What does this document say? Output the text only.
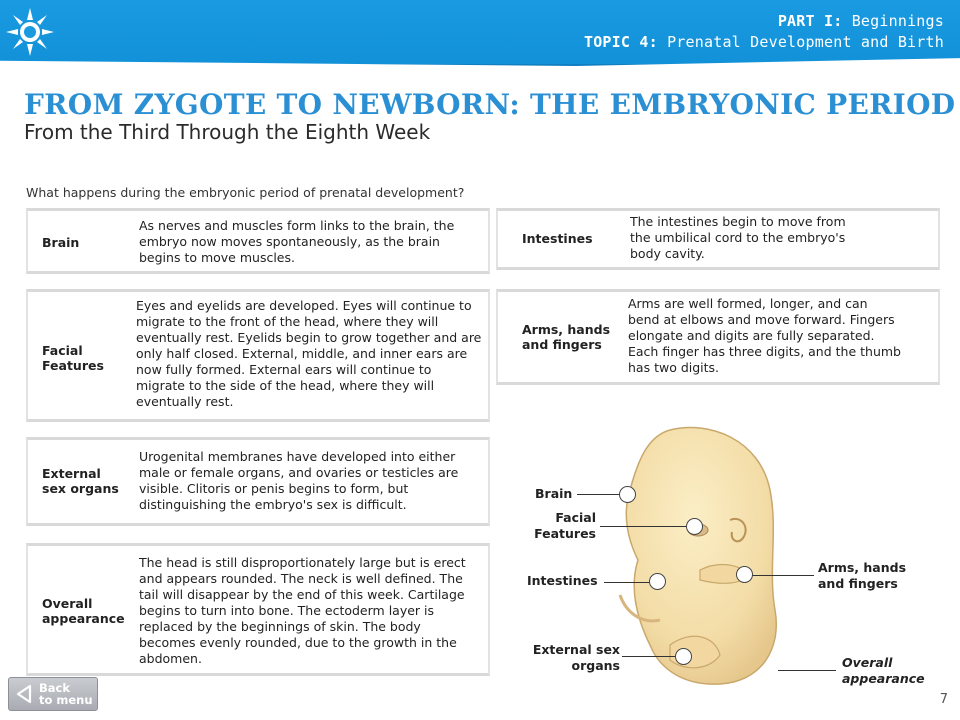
PART I: Beginnings
TOPIC 4: Prenatal Development and Birth
FROM ZYGOTE TO NEWBORN: THE EMBRYONIC PERIOD
From the Third Through the Eighth Week
What happens during the embryonic period of prenatal development?
Brain
As nerves and muscles form links to the brain, the embryo now moves spontaneously, as the brain begins to move muscles.
Facial Features
Eyes and eyelids are developed. Eyes will continue to migrate to the front of the head, where they will eventually rest. Eyelids begin to grow together and are only half closed. External, middle, and inner ears are now fully formed. External ears will continue to migrate to the side of the head, where they will eventually rest.
External sex organs
Urogenital membranes have developed into either male or female organs, and ovaries or testicles are visible. Clitoris or penis begins to form, but distinguishing the embryo's sex is difficult.
Overall appearance
The head is still disproportionately large but is erect and appears rounded. The neck is well defined. The tail will disappear by the end of this week. Cartilage begins to turn into bone. The ectoderm layer is replaced by the beginnings of skin. The body becomes evenly rounded, due to the growth in the abdomen.
Intestines
The intestines begin to move from the umbilical cord to the embryo's body cavity.
Arms, hands and fingers
Arms are well formed, longer, and can bend at elbows and move forward. Fingers elongate and digits are fully separated. Each finger has three digits, and the thumb has two digits.
Brain
Facial Features
Intestines
External sex organs
Arms, hands and fingers
Overall appearance
Back
to menu	7
